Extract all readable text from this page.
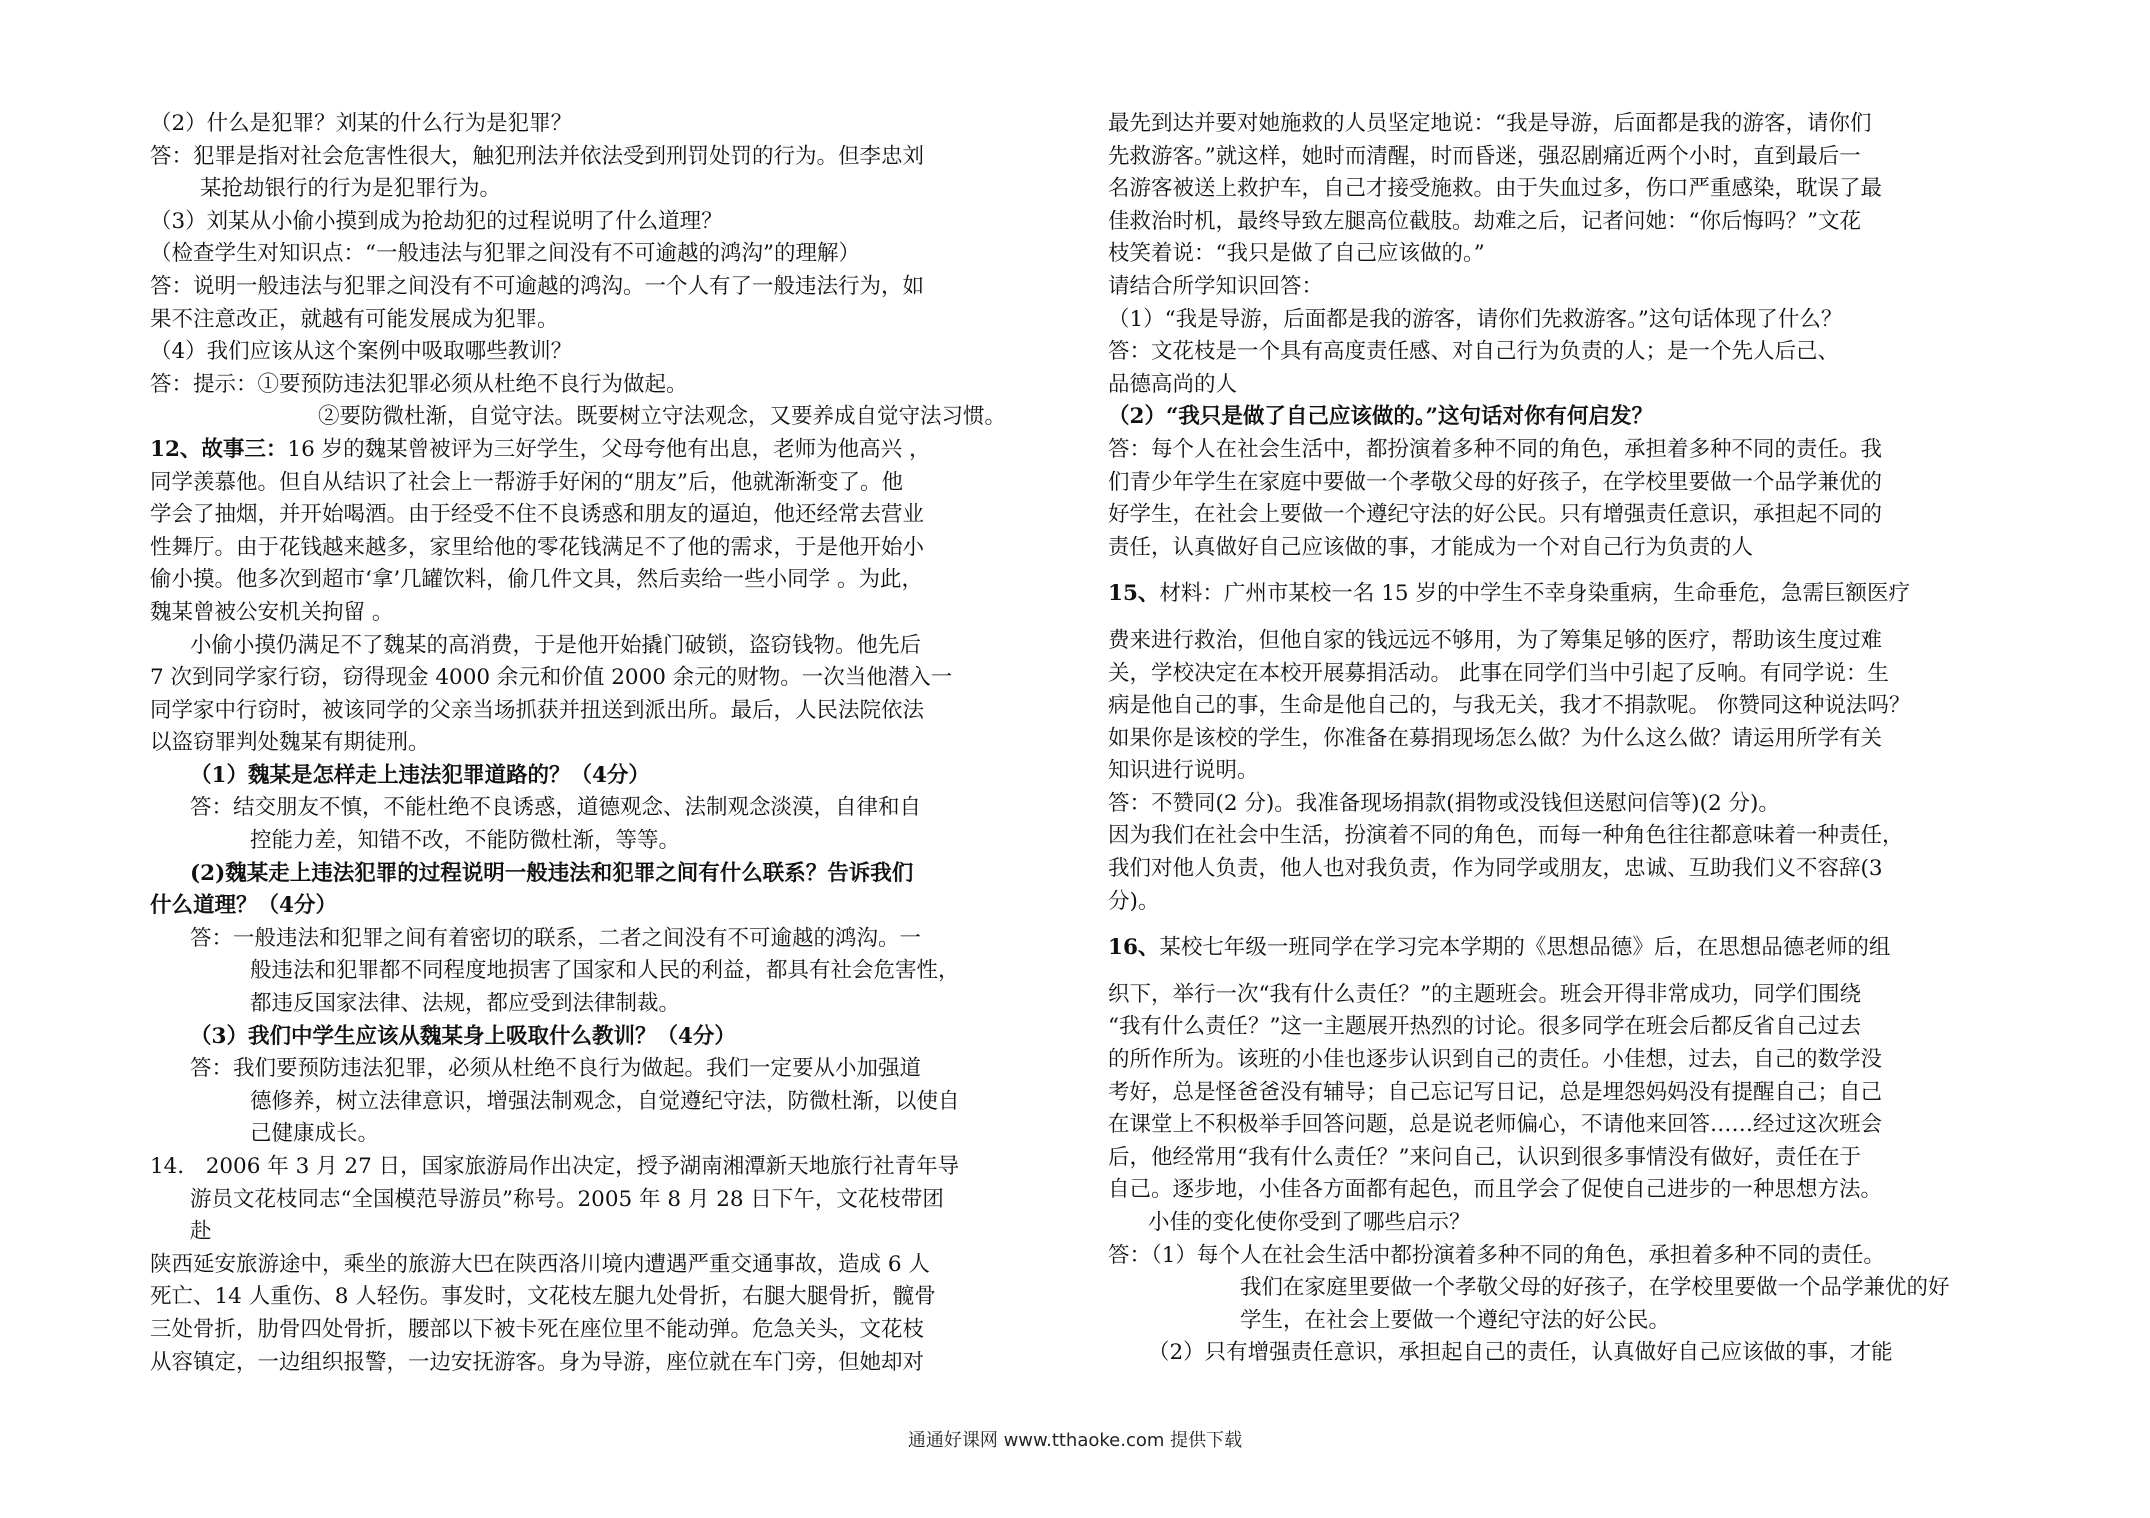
（2）什么是犯罪？刘某的什么行为是犯罪？
答：犯罪是指对社会危害性很大，触犯刑法并依法受到刑罚处罚的行为。但李忠刘
某抢劫银行的行为是犯罪行为。
（3）刘某从小偷小摸到成为抢劫犯的过程说明了什么道理？
（检查学生对知识点：“一般违法与犯罪之间没有不可逾越的鸿沟”的理解）
答：说明一般违法与犯罪之间没有不可逾越的鸿沟。一个人有了一般违法行为，如
果不注意改正，就越有可能发展成为犯罪。
（4）我们应该从这个案例中吸取哪些教训？
答：提示：①要预防违法犯罪必须从杜绝不良行为做起。
②要防微杜渐，自觉守法。既要树立守法观念，又要养成自觉守法习惯。
12、故事三：16 岁的魏某曾被评为三好学生，父母夸他有出息，老师为他高兴 ，
同学羡慕他。但自从结识了社会上一帮游手好闲的“朋友”后，他就渐渐变了。他
学会了抽烟，并开始喝酒。由于经受不住不良诱惑和朋友的逼迫，他还经常去营业
性舞厅。由于花钱越来越多，家里给他的零花钱满足不了他的需求，于是他开始小
偷小摸。他多次到超市‘拿’几罐饮料，偷几件文具，然后卖给一些小同学 。为此，
魏某曾被公安机关拘留 。
小偷小摸仍满足不了魏某的高消费，于是他开始撬门破锁，盗窃钱物。他先后
7 次到同学家行窃，窃得现金 4000 余元和价值 2000 余元的财物。一次当他潜入一
同学家中行窃时，被该同学的父亲当场抓获并扭送到派出所。最后，人民法院依法
以盗窃罪判处魏某有期徒刑。
（1）魏某是怎样走上违法犯罪道路的？（4分）
答：结交朋友不慎，不能杜绝不良诱惑，道德观念、法制观念淡漠，自律和自
控能力差，知错不改，不能防微杜渐，等等。
(2)魏某走上违法犯罪的过程说明一般违法和犯罪之间有什么联系？告诉我们
什么道理？（4分）
答：一般违法和犯罪之间有着密切的联系，二者之间没有不可逾越的鸿沟。一
般违法和犯罪都不同程度地损害了国家和人民的利益，都具有社会危害性，
都违反国家法律、法规，都应受到法律制裁。
（3）我们中学生应该从魏某身上吸取什么教训？（4分）
答：我们要预防违法犯罪，必须从杜绝不良行为做起。我们一定要从小加强道
德修养，树立法律意识，增强法制观念，自觉遵纪守法，防微杜渐，以使自
己健康成长。
14． 2006 年 3 月 27 日，国家旅游局作出决定，授予湖南湘潭新天地旅行社青年导
游员文花枝同志“全国模范导游员”称号。2005 年 8 月 28 日下午，文花枝带团
赴
陕西延安旅游途中，乘坐的旅游大巴在陕西洛川境内遭遇严重交通事故，造成 6 人
死亡、14 人重伤、8 人轻伤。事发时，文花枝左腿九处骨折，右腿大腿骨折，髋骨
三处骨折，肋骨四处骨折，腰部以下被卡死在座位里不能动弹。危急关头，文花枝
从容镇定，一边组织报警，一边安抚游客。身为导游，座位就在车门旁，但她却对
最先到达并要对她施救的人员坚定地说：“我是导游，后面都是我的游客，请你们
先救游客。”就这样，她时而清醒，时而昏迷，强忍剧痛近两个小时，直到最后一
名游客被送上救护车，自己才接受施救。由于失血过多，伤口严重感染，耽误了最
佳救治时机，最终导致左腿高位截肢。劫难之后，记者问她：“你后悔吗？”文花
枝笑着说：“我只是做了自己应该做的。”
请结合所学知识回答：
（1）“我是导游，后面都是我的游客，请你们先救游客。”这句话体现了什么？
答：文花枝是一个具有高度责任感、对自己行为负责的人；是一个先人后己、
品德高尚的人
（2）“我只是做了自己应该做的。”这句话对你有何启发？
答：每个人在社会生活中，都扮演着多种不同的角色，承担着多种不同的责任。我
们青少年学生在家庭中要做一个孝敬父母的好孩子，在学校里要做一个品学兼优的
好学生，在社会上要做一个遵纪守法的好公民。只有增强责任意识，承担起不同的
责任，认真做好自己应该做的事，才能成为一个对自己行为负责的人
15、材料：广州市某校一名 15 岁的中学生不幸身染重病，生命垂危，急需巨额医疗
费来进行救治，但他自家的钱远远不够用，为了筹集足够的医疗，帮助该生度过难
关，学校决定在本校开展募捐活动。 此事在同学们当中引起了反响。有同学说：生
病是他自己的事，生命是他自己的，与我无关，我才不捐款呢。 你赞同这种说法吗？
如果你是该校的学生，你准备在募捐现场怎么做？为什么这么做？请运用所学有关
知识进行说明。
答：不赞同(2 分)。我准备现场捐款(捐物或没钱但送慰问信等)(2 分)。
因为我们在社会中生活，扮演着不同的角色，而每一种角色往往都意味着一种责任，
我们对他人负责，他人也对我负责，作为同学或朋友，忠诚、互助我们义不容辞(3
分)。
16、某校七年级一班同学在学习完本学期的《思想品德》后，在思想品德老师的组
织下，举行一次“我有什么责任？”的主题班会。班会开得非常成功，同学们围绕
“我有什么责任？”这一主题展开热烈的讨论。很多同学在班会后都反省自己过去
的所作所为。该班的小佳也逐步认识到自己的责任。小佳想，过去，自己的数学没
考好，总是怪爸爸没有辅导；自己忘记写日记，总是埋怨妈妈没有提醒自己；自己
在课堂上不积极举手回答问题，总是说老师偏心，不请他来回答……经过这次班会
后，他经常用“我有什么责任？”来问自己，认识到很多事情没有做好，责任在于
自己。逐步地，小佳各方面都有起色，而且学会了促使自己进步的一种思想方法。
小佳的变化使你受到了哪些启示？
答：（1）每个人在社会生活中都扮演着多种不同的角色，承担着多种不同的责任。
我们在家庭里要做一个孝敬父母的好孩子，在学校里要做一个品学兼优的好
学生，在社会上要做一个遵纪守法的好公民。
（2）只有增强责任意识，承担起自己的责任，认真做好自己应该做的事，才能
通通好课网 www.tthaoke.com 提供下载
